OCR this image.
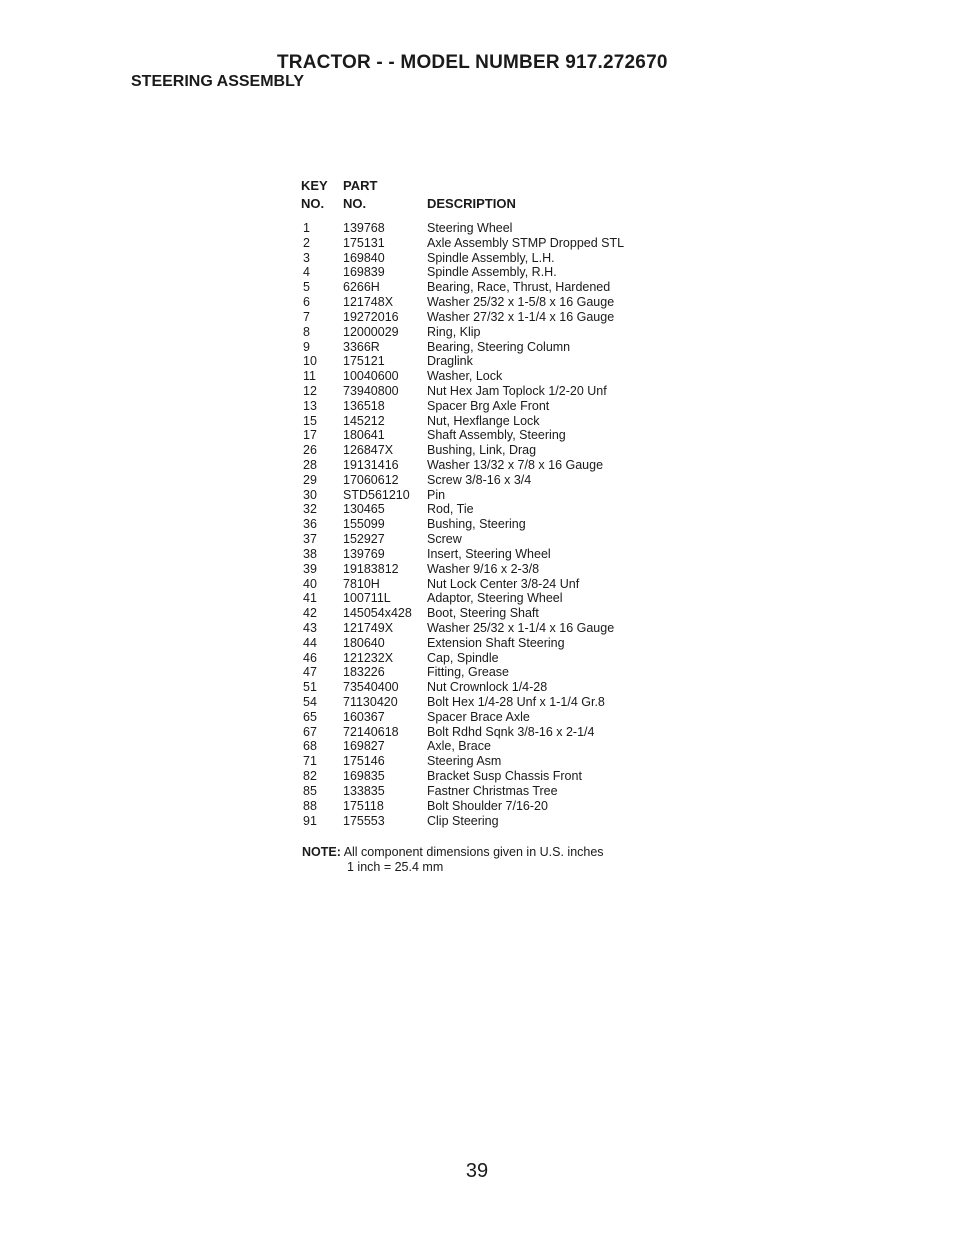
TRACTOR - - MODEL NUMBER 917.272670
STEERING ASSEMBLY
KEY PART
NO. NO.	DESCRIPTION
1	139768	Steering Wheel
2	175131	Axle Assembly STMP Dropped STL
3	169840	Spindle Assembly, L.H.
4	169839	Spindle Assembly, R.H.
5	6266H	Bearing, Race, Thrust, Hardened
6	121748X	Washer 25/32 x 1-5/8 x 16 Gauge
7	19272016 Washer 27/32 x 1-1/4 x 16 Gauge
8	12000029 Ring, Klip
9	3366R	Bearing, Steering Column
10 175121	Draglink
11 10040600 Washer, Lock
12 73940800 Nut Hex Jam Toplock 1/2-20 Unf
13 136518	Spacer Brg Axle Front
15 145212	Nut, Hexflange Lock
17 180641	Shaft Assembly, Steering
26 126847X	Bushing, Link, Drag
28 19131416 Washer 13/32 x 7/8 x 16 Gauge
29 17060612 Screw 3/8-16 x 3/4
30 STD561210 Pin
32 130465	Rod, Tie
36 155099	Bushing, Steering
37 152927	Screw
38 139769	Insert, Steering Wheel
39 19183812 Washer 9/16 x 2-3/8
40 7810H	Nut Lock Center 3/8-24 Unf
41 100711L	Adaptor, Steering Wheel
42 145054x428 Boot, Steering Shaft
43 121749X	Washer 25/32 x 1-1/4 x 16 Gauge
44 180640	Extension Shaft Steering
46 121232X	Cap, Spindle
47 183226	Fitting, Grease
51 73540400 Nut Crownlock 1/4-28
54 71130420 Bolt Hex 1/4-28 Unf x 1-1/4 Gr.8
65 160367	Spacer Brace Axle
67 72140618 Bolt Rdhd Sqnk 3/8-16 x 2-1/4
68 169827	Axle, Brace
71 175146	Steering Asm
82 169835	Bracket Susp Chassis Front
85 133835	Fastner Christmas Tree
88 175118	Bolt Shoulder 7/16-20
91 175553	Clip Steering
NOTE: All component dimensions given in U.S. inches
1 inch = 25.4 mm
39
